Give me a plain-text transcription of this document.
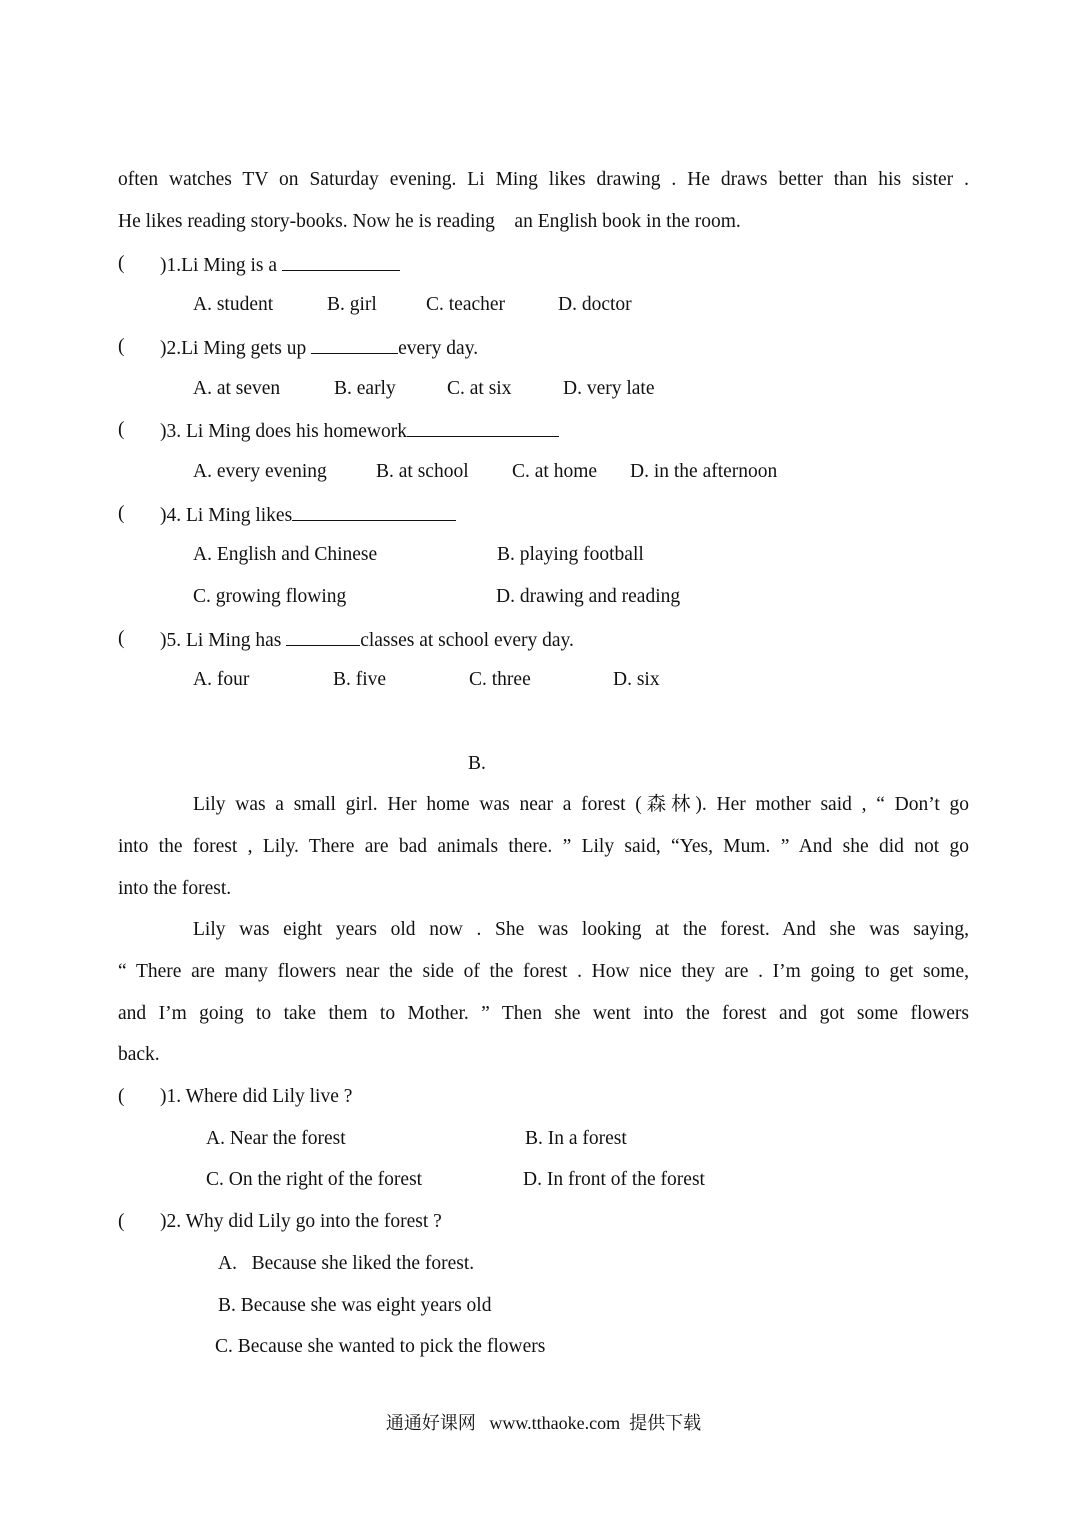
often watches TV on Saturday evening. Li Ming likes drawing . He draws better than his sister .
He likes reading story-books. Now he is reading    an English book in the room.
( )1.Li Ming is a
A. student	B. girl	C. teacher	D. doctor
( )2.Li Ming gets up	every day.
A. at seven	B. early	C. at six	D. very late
( )3. Li Ming does his homework
A. every evening	B. at school C. at home D. in the afternoon
( )4. Li Ming likes
A. English and Chinese	B. playing football
C. growing flowing	D. drawing and reading
( )5. Li Ming has	classes at school every day.
A. four	B. five	C. three	D. six
B.
Lily was a small girl. Her home was near a forest (森林). Her mother said , “ Don’t go
into the forest , Lily. There are bad animals there. ” Lily said, “Yes, Mum. ” And she did not go
into the forest.
Lily was eight years old now . She was looking at the forest. And she was saying,
“ There are many flowers near the side of the forest . How nice they are . I’m going to get some,
and I’m going to take them to Mother. ” Then she went into the forest and got some flowers
back.
( )1. Where did Lily live ?
A. Near the forest	B. In a forest
C. On the right of the forest	D. In front of the forest
( )2. Why did Lily go into the forest ?
A.   Because she liked the forest.
B. Because she was eight years old
C. Because she wanted to pick the flowers
通通好课网   www.tthaoke.com  提供下载
